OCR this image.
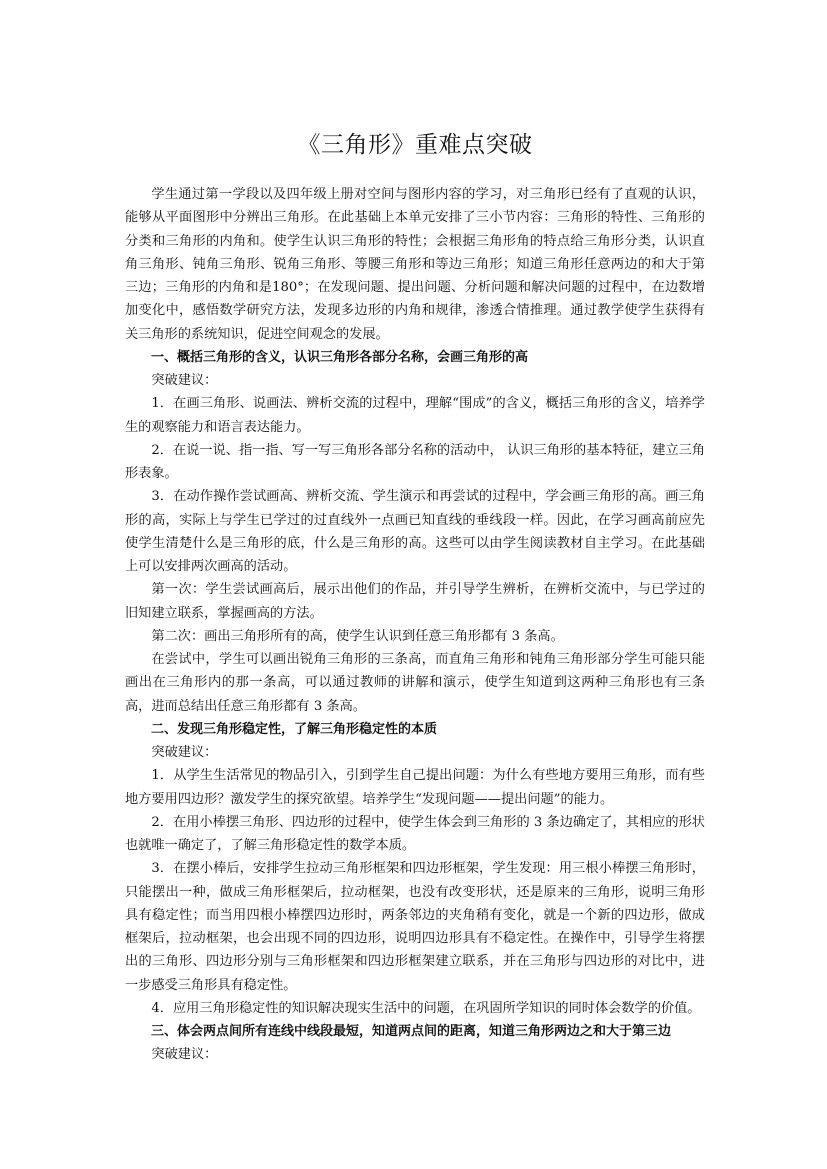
《三角形》重难点突破

学生通过第一学段以及四年级上册对空间与图形内容的学习，对三角形已经有了直观的认识，能够从平面图形中分辨出三角形。在此基础上本单元安排了三小节内容：三角形的特性、三角形的分类和三角形的内角和。使学生认识三角形的特性；会根据三角形角的特点给三角形分类，认识直角三角形、钝角三角形、锐角三角形、等腰三角形和等边三角形；知道三角形任意两边的和大于第三边；三角形的内角和是180°；在发现问题、提出问题、分析问题和解决问题的过程中，在边数增加变化中，感悟数学研究方法，发现多边形的内角和规律，渗透合情推理。通过教学使学生获得有关三角形的系统知识，促进空间观念的发展。

一、概括三角形的含义，认识三角形各部分名称，会画三角形的高

突破建议：

1．在画三角形、说画法、辨析交流的过程中，理解“围成”的含义，概括三角形的含义，培养学生的观察能力和语言表达能力。

2．在说一说、指一指、写一写三角形各部分名称的活动中， 认识三角形的基本特征，建立三角形表象。

3．在动作操作尝试画高、辨析交流、学生演示和再尝试的过程中，学会画三角形的高。画三角形的高，实际上与学生已学过的过直线外一点画已知直线的垂线段一样。因此，在学习画高前应先使学生清楚什么是三角形的底，什么是三角形的高。这些可以由学生阅读教材自主学习。在此基础上可以安排两次画高的活动。

第一次：学生尝试画高后，展示出他们的作品，并引导学生辨析，在辨析交流中，与已学过的旧知建立联系，掌握画高的方法。

第二次：画出三角形所有的高，使学生认识到任意三角形都有 3 条高。

在尝试中，学生可以画出锐角三角形的三条高，而直角三角形和钝角三角形部分学生可能只能画出在三角形内的那一条高，可以通过教师的讲解和演示，使学生知道到这两种三角形也有三条高，进而总结出任意三角形都有 3 条高。

二、发现三角形稳定性，了解三角形稳定性的本质

突破建议：

1．从学生生活常见的物品引入，引到学生自己提出问题：为什么有些地方要用三角形，而有些地方要用四边形？激发学生的探究欲望。培养学生“发现问题——提出问题”的能力。

2．在用小棒摆三角形、四边形的过程中，使学生体会到三角形的 3 条边确定了，其相应的形状也就唯一确定了，了解三角形稳定性的数学本质。

3．在摆小棒后，安排学生拉动三角形框架和四边形框架，学生发现：用三根小棒摆三角形时，只能摆出一种，做成三角形框架后，拉动框架，也没有改变形状，还是原来的三角形，说明三角形具有稳定性；而当用四根小棒摆四边形时，两条邻边的夹角稍有变化，就是一个新的四边形，做成框架后，拉动框架，也会出现不同的四边形，说明四边形具有不稳定性。在操作中，引导学生将摆出的三角形、四边形分别与三角形框架和四边形框架建立联系，并在三角形与四边形的对比中，进一步感受三角形具有稳定性。

4．应用三角形稳定性的知识解决现实生活中的问题，在巩固所学知识的同时体会数学的价值。

三、体会两点间所有连线中线段最短，知道两点间的距离，知道三角形两边之和大于第三边

突破建议：
